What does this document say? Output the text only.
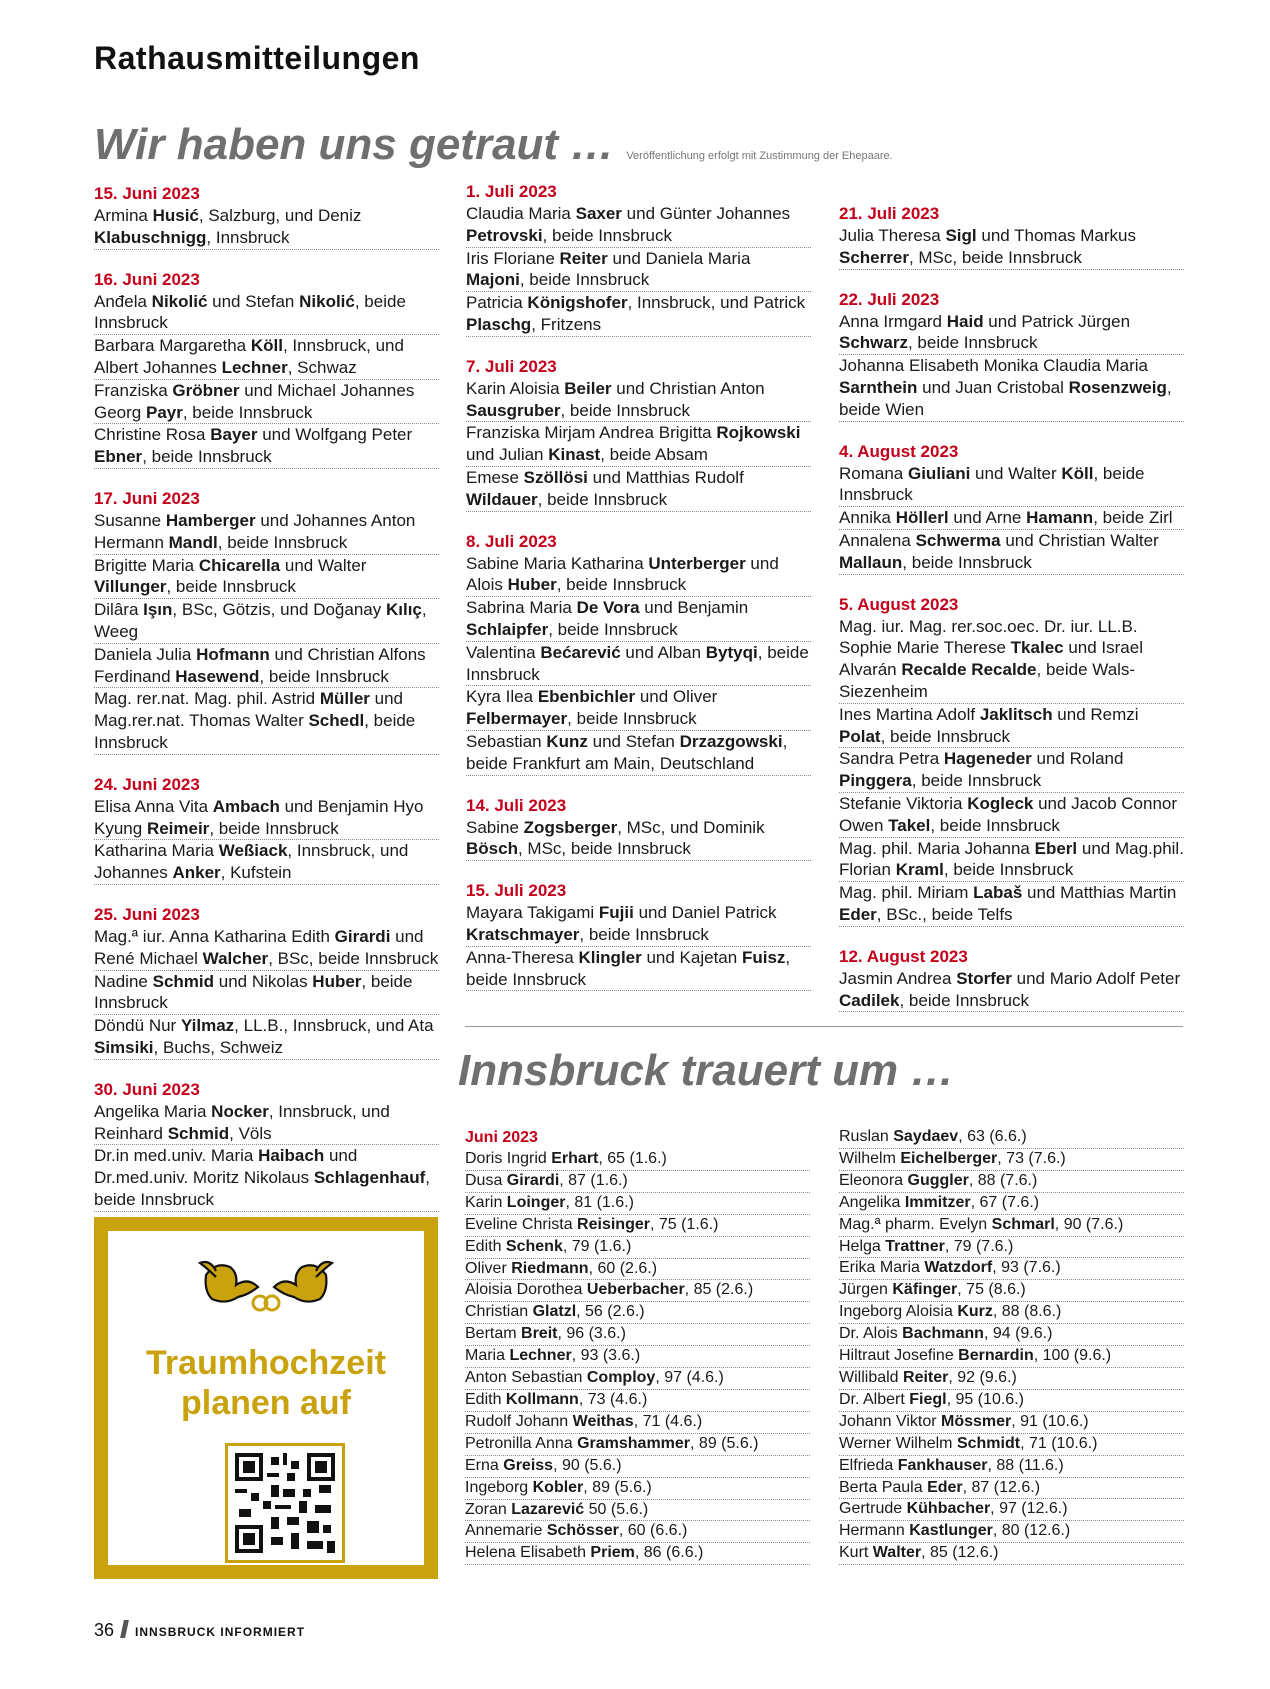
Rathausmitteilungen
Wir haben uns getraut … Veröffentlichung erfolgt mit Zustimmung der Ehepaare.
15. Juni 2023
Armina Husić, Salzburg, und Deniz Klabuschnigg, Innsbruck
16. Juni 2023
Anđela Nikolić und Stefan Nikolić, beide Innsbruck
Barbara Margaretha Köll, Innsbruck, und Albert Johannes Lechner, Schwaz
Franziska Gröbner und Michael Johannes Georg Payr, beide Innsbruck
Christine Rosa Bayer und Wolfgang Peter Ebner, beide Innsbruck
17. Juni 2023
Susanne Hamberger und Johannes Anton Hermann Mandl, beide Innsbruck
Brigitte Maria Chicarella und Walter Villunger, beide Innsbruck
Dilâra Işın, BSc, Götzis, und Doğanay Kılıç, Weeg
Daniela Julia Hofmann und Christian Alfons Ferdinand Hasewend, beide Innsbruck
Mag. rer.nat. Mag. phil. Astrid Müller und Mag.rer.nat. Thomas Walter Schedl, beide Innsbruck
24. Juni 2023
Elisa Anna Vita Ambach und Benjamin Hyo Kyung Reimeir, beide Innsbruck
Katharina Maria Weßiack, Innsbruck, und Johannes Anker, Kufstein
25. Juni 2023
Mag.ª iur. Anna Katharina Edith Girardi und René Michael Walcher, BSc, beide Innsbruck
Nadine Schmid und Nikolas Huber, beide Innsbruck
Döndü Nur Yilmaz, LL.B., Innsbruck, und Ata Simsiki, Buchs, Schweiz
30. Juni 2023
Angelika Maria Nocker, Innsbruck, und Reinhard Schmid, Völs
Dr.in med.univ. Maria Haibach und Dr.med.univ. Moritz Nikolaus Schlagenhauf, beide Innsbruck
1. Juli 2023
Claudia Maria Saxer und Günter Johannes Petrovski, beide Innsbruck
Iris Floriane Reiter und Daniela Maria Majoni, beide Innsbruck
Patricia Königshofer, Innsbruck, und Patrick Plaschg, Fritzens
7. Juli 2023
Karin Aloisia Beiler und Christian Anton Sausgruber, beide Innsbruck
Franziska Mirjam Andrea Brigitta Rojkowski und Julian Kinast, beide Absam
Emese Szöllösi und Matthias Rudolf Wildauer, beide Innsbruck
8. Juli 2023
Sabine Maria Katharina Unterberger und Alois Huber, beide Innsbruck
Sabrina Maria De Vora und Benjamin Schlaipfer, beide Innsbruck
Valentina Bećarević und Alban Bytyqi, beide Innsbruck
Kyra Ilea Ebenbichler und Oliver Felbermayer, beide Innsbruck
Sebastian Kunz und Stefan Drzazgowski, beide Frankfurt am Main, Deutschland
14. Juli 2023
Sabine Zogsberger, MSc, und Dominik Bösch, MSc, beide Innsbruck
15. Juli 2023
Mayara Takigami Fujii und Daniel Patrick Kratschmayer, beide Innsbruck
Anna-Theresa Klingler und Kajetan Fuisz, beide Innsbruck
21. Juli 2023
Julia Theresa Sigl und Thomas Markus Scherrer, MSc, beide Innsbruck
22. Juli 2023
Anna Irmgard Haid und Patrick Jürgen Schwarz, beide Innsbruck
Johanna Elisabeth Monika Claudia Maria Sarnthein und Juan Cristobal Rosenzweig, beide Wien
4. August 2023
Romana Giuliani und Walter Köll, beide Innsbruck
Annika Höllerl und Arne Hamann, beide Zirl
Annalena Schwerma und Christian Walter Mallaun, beide Innsbruck
5. August 2023
Mag. iur. Mag. rer.soc.oec. Dr. iur. LL.B. Sophie Marie Therese Tkalec und Israel Alvarán Recalde Recalde, beide Wals-Siezenheim
Ines Martina Adolf Jaklitsch und Remzi Polat, beide Innsbruck
Sandra Petra Hageneder und Roland Pinggera, beide Innsbruck
Stefanie Viktoria Kogleck und Jacob Connor Owen Takel, beide Innsbruck
Mag. phil. Maria Johanna Eberl und Mag.phil. Florian Kraml, beide Innsbruck
Mag. phil. Miriam Labaš und Matthias Martin Eder, BSc., beide Telfs
12. August 2023
Jasmin Andrea Storfer und Mario Adolf Peter Cadilek, beide Innsbruck
Innsbruck trauert um …
Juni 2023
Doris Ingrid Erhart, 65 (1.6.)
Dusa Girardi, 87 (1.6.)
Karin Loinger, 81 (1.6.)
Eveline Christa Reisinger, 75 (1.6.)
Edith Schenk, 79 (1.6.)
Oliver Riedmann, 60 (2.6.)
Aloisia Dorothea Ueberbacher, 85 (2.6.)
Christian Glatzl, 56 (2.6.)
Bertam Breit, 96 (3.6.)
Maria Lechner, 93 (3.6.)
Anton Sebastian Comploy, 97 (4.6.)
Edith Kollmann, 73 (4.6.)
Rudolf Johann Weithas, 71 (4.6.)
Petronilla Anna Gramshammer, 89 (5.6.)
Erna Greiss, 90 (5.6.)
Ingeborg Kobler, 89 (5.6.)
Zoran Lazarević 50 (5.6.)
Annemarie Schösser, 60 (6.6.)
Helena Elisabeth Priem, 86 (6.6.)
Ruslan Saydaev, 63 (6.6.)
Wilhelm Eichelberger, 73 (7.6.)
Eleonora Guggler, 88 (7.6.)
Angelika Immitzer, 67 (7.6.)
Mag.ª pharm. Evelyn Schmarl, 90 (7.6.)
Helga Trattner, 79 (7.6.)
Erika Maria Watzdorf, 93 (7.6.)
Jürgen Käfinger, 75 (8.6.)
Ingeborg Aloisia Kurz, 88 (8.6.)
Dr. Alois Bachmann, 94 (9.6.)
Hiltraut Josefine Bernardin, 100 (9.6.)
Willibald Reiter, 92 (9.6.)
Dr. Albert Fiegl, 95 (10.6.)
Johann Viktor Mössmer, 91 (10.6.)
Werner Wilhelm Schmidt, 71 (10.6.)
Elfrieda Fankhauser, 88 (11.6.)
Berta Paula Eder, 87 (12.6.)
Gertrude Kühbacher, 97 (12.6.)
Hermann Kastlunger, 80 (12.6.)
Kurt Walter, 85 (12.6.)
Traumhochzeit
planen auf
36 INNSBRUCK INFORMIERT
